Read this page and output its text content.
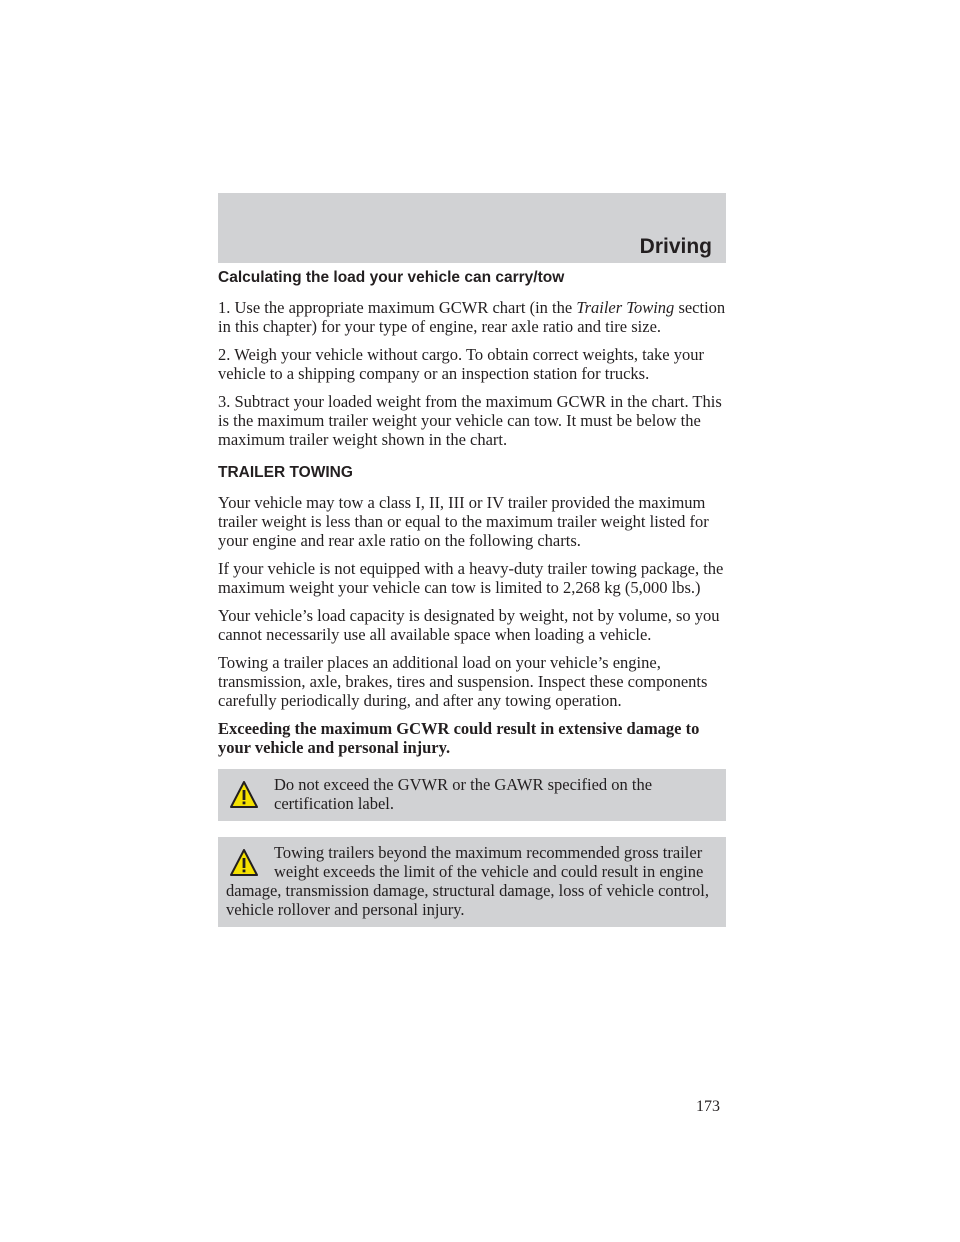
Driving
Calculating the load your vehicle can carry/tow

1. Use the appropriate maximum GCWR chart (in the Trailer Towing section in this chapter) for your type of engine, rear axle ratio and tire size.

2. Weigh your vehicle without cargo. To obtain correct weights, take your vehicle to a shipping company or an inspection station for trucks.

3. Subtract your loaded weight from the maximum GCWR in the chart. This is the maximum trailer weight your vehicle can tow. It must be below the maximum trailer weight shown in the chart.

TRAILER TOWING

Your vehicle may tow a class I, II, III or IV trailer provided the maximum trailer weight is less than or equal to the maximum trailer weight listed for your engine and rear axle ratio on the following charts.

If your vehicle is not equipped with a heavy-duty trailer towing package, the maximum weight your vehicle can tow is limited to 2,268 kg (5,000 lbs.)

Your vehicle’s load capacity is designated by weight, not by volume, so you cannot necessarily use all available space when loading a vehicle.

Towing a trailer places an additional load on your vehicle’s engine, transmission, axle, brakes, tires and suspension. Inspect these components carefully periodically during, and after any towing operation.

Exceeding the maximum GCWR could result in extensive damage to your vehicle and personal injury.

Do not exceed the GVWR or the GAWR specified on the certification label.
Towing trailers beyond the maximum recommended gross trailer weight exceeds the limit of the vehicle and could result in engine damage, transmission damage, structural damage, loss of vehicle control, vehicle rollover and personal injury.
173
